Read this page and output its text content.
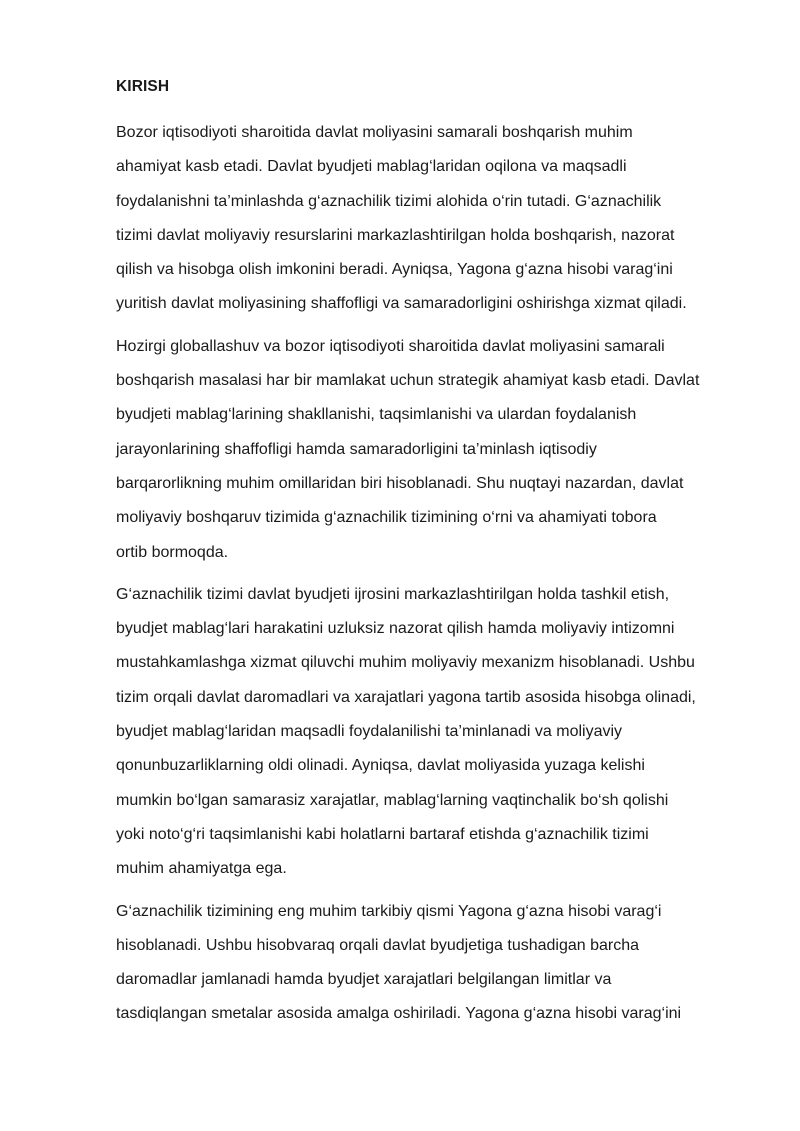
KIRISH
Bozor iqtisodiyoti sharoitida davlat moliyasini samarali boshqarish muhim
ahamiyat kasb etadi. Davlat byudjeti mablag‘laridan oqilona va maqsadli
foydalanishni ta’minlashda g‘aznachilik tizimi alohida o‘rin tutadi. G‘aznachilik
tizimi davlat moliyaviy resurslarini markazlashtirilgan holda boshqarish, nazorat
qilish va hisobga olish imkonini beradi. Ayniqsa, Yagona g‘azna hisobi varag‘ini
yuritish davlat moliyasining shaffofligi va samaradorligini oshirishga xizmat qiladi.
Hozirgi globallashuv va bozor iqtisodiyoti sharoitida davlat moliyasini samarali
boshqarish masalasi har bir mamlakat uchun strategik ahamiyat kasb etadi. Davlat
byudjeti mablag‘larining shakllanishi, taqsimlanishi va ulardan foydalanish
jarayonlarining shaffofligi hamda samaradorligini ta’minlash iqtisodiy
barqarorlikning muhim omillaridan biri hisoblanadi. Shu nuqtayi nazardan, davlat
moliyaviy boshqaruv tizimida g‘aznachilik tizimining o‘rni va ahamiyati tobora
ortib bormoqda.
G‘aznachilik tizimi davlat byudjeti ijrosini markazlashtirilgan holda tashkil etish,
byudjet mablag‘lari harakatini uzluksiz nazorat qilish hamda moliyaviy intizomni
mustahkamlashga xizmat qiluvchi muhim moliyaviy mexanizm hisoblanadi. Ushbu
tizim orqali davlat daromadlari va xarajatlari yagona tartib asosida hisobga olinadi,
byudjet mablag‘laridan maqsadli foydalanilishi ta’minlanadi va moliyaviy
qonunbuzarliklarning oldi olinadi. Ayniqsa, davlat moliyasida yuzaga kelishi
mumkin bo‘lgan samarasiz xarajatlar, mablag‘larning vaqtinchalik bo‘sh qolishi
yoki noto‘g‘ri taqsimlanishi kabi holatlarni bartaraf etishda g‘aznachilik tizimi
muhim ahamiyatga ega.
G‘aznachilik tizimining eng muhim tarkibiy qismi Yagona g‘azna hisobi varag‘i
hisoblanadi. Ushbu hisobvaraq orqali davlat byudjetiga tushadigan barcha
daromadlar jamlanadi hamda byudjet xarajatlari belgilangan limitlar va
tasdiqlangan smetalar asosida amalga oshiriladi. Yagona g‘azna hisobi varag‘ini
